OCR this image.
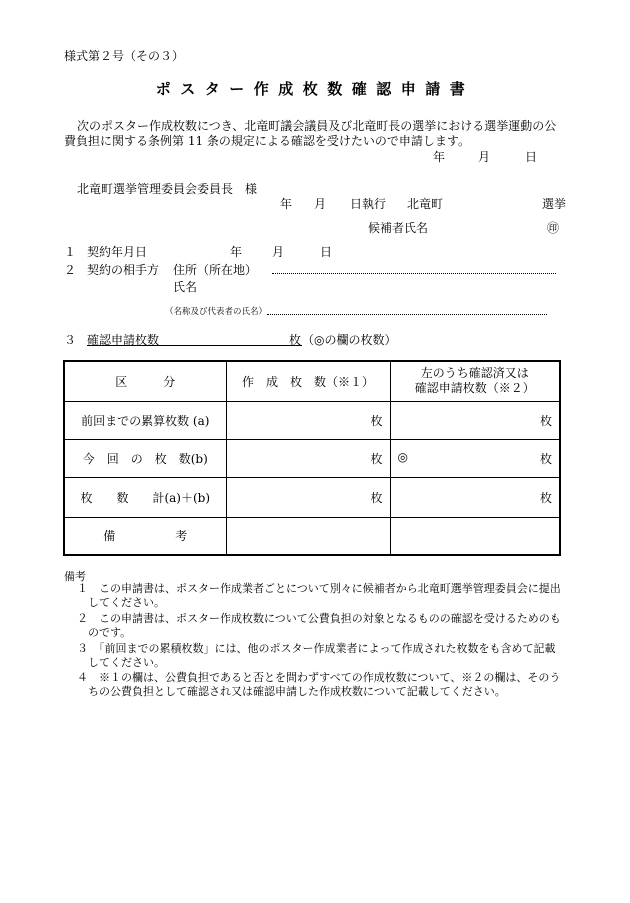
様式第２号（その３）
ポスター作成枚数確認申請書
次のポスター作成枚数につき、北竜町議会議員及び北竜町長の選挙における選挙運動の公
費負担に関する条例第 11 条の規定による確認を受けたいので申請します。
年	月	日
北竜町選挙管理委員会委員長　様
年 月 日執行 北竜町	選挙
候補者氏名	㊞
１ 契約年月日	年 月	日
２ 契約の相手方 住所（所在地）
氏名
（名称及び代表者の氏名）
３ 確認申請枚数	枚 （◎の欄の枚数）
区　　　分	作　成　枚　数（※１）	左のうち確認済又は
確認申請枚数（※２）

前回までの累算枚数 (a)	枚	枚
今　回　の　枚　数(b)	枚	◎ 枚

枚　　数　　計(a)＋(b)	枚	枚
備　　　　　考		
備考
１　 この申請書は、ポスター作成業者ごとについて別々に候補者から北竜町選挙管理委員会に提出
してください。
２　 この申請書は、ポスター作成枚数について公費負担の対象となるものの確認を受けるためのも
のです。
３　 「前回までの累積枚数」には、他のポスター作成業者によって作成された枚数をも含めて記載
してください。
４　 ※１の欄は、公費負担であると否とを問わずすべての作成枚数について、※２の欄は、そのう
ちの公費負担として確認され又は確認申請した作成枚数について記載してください。
